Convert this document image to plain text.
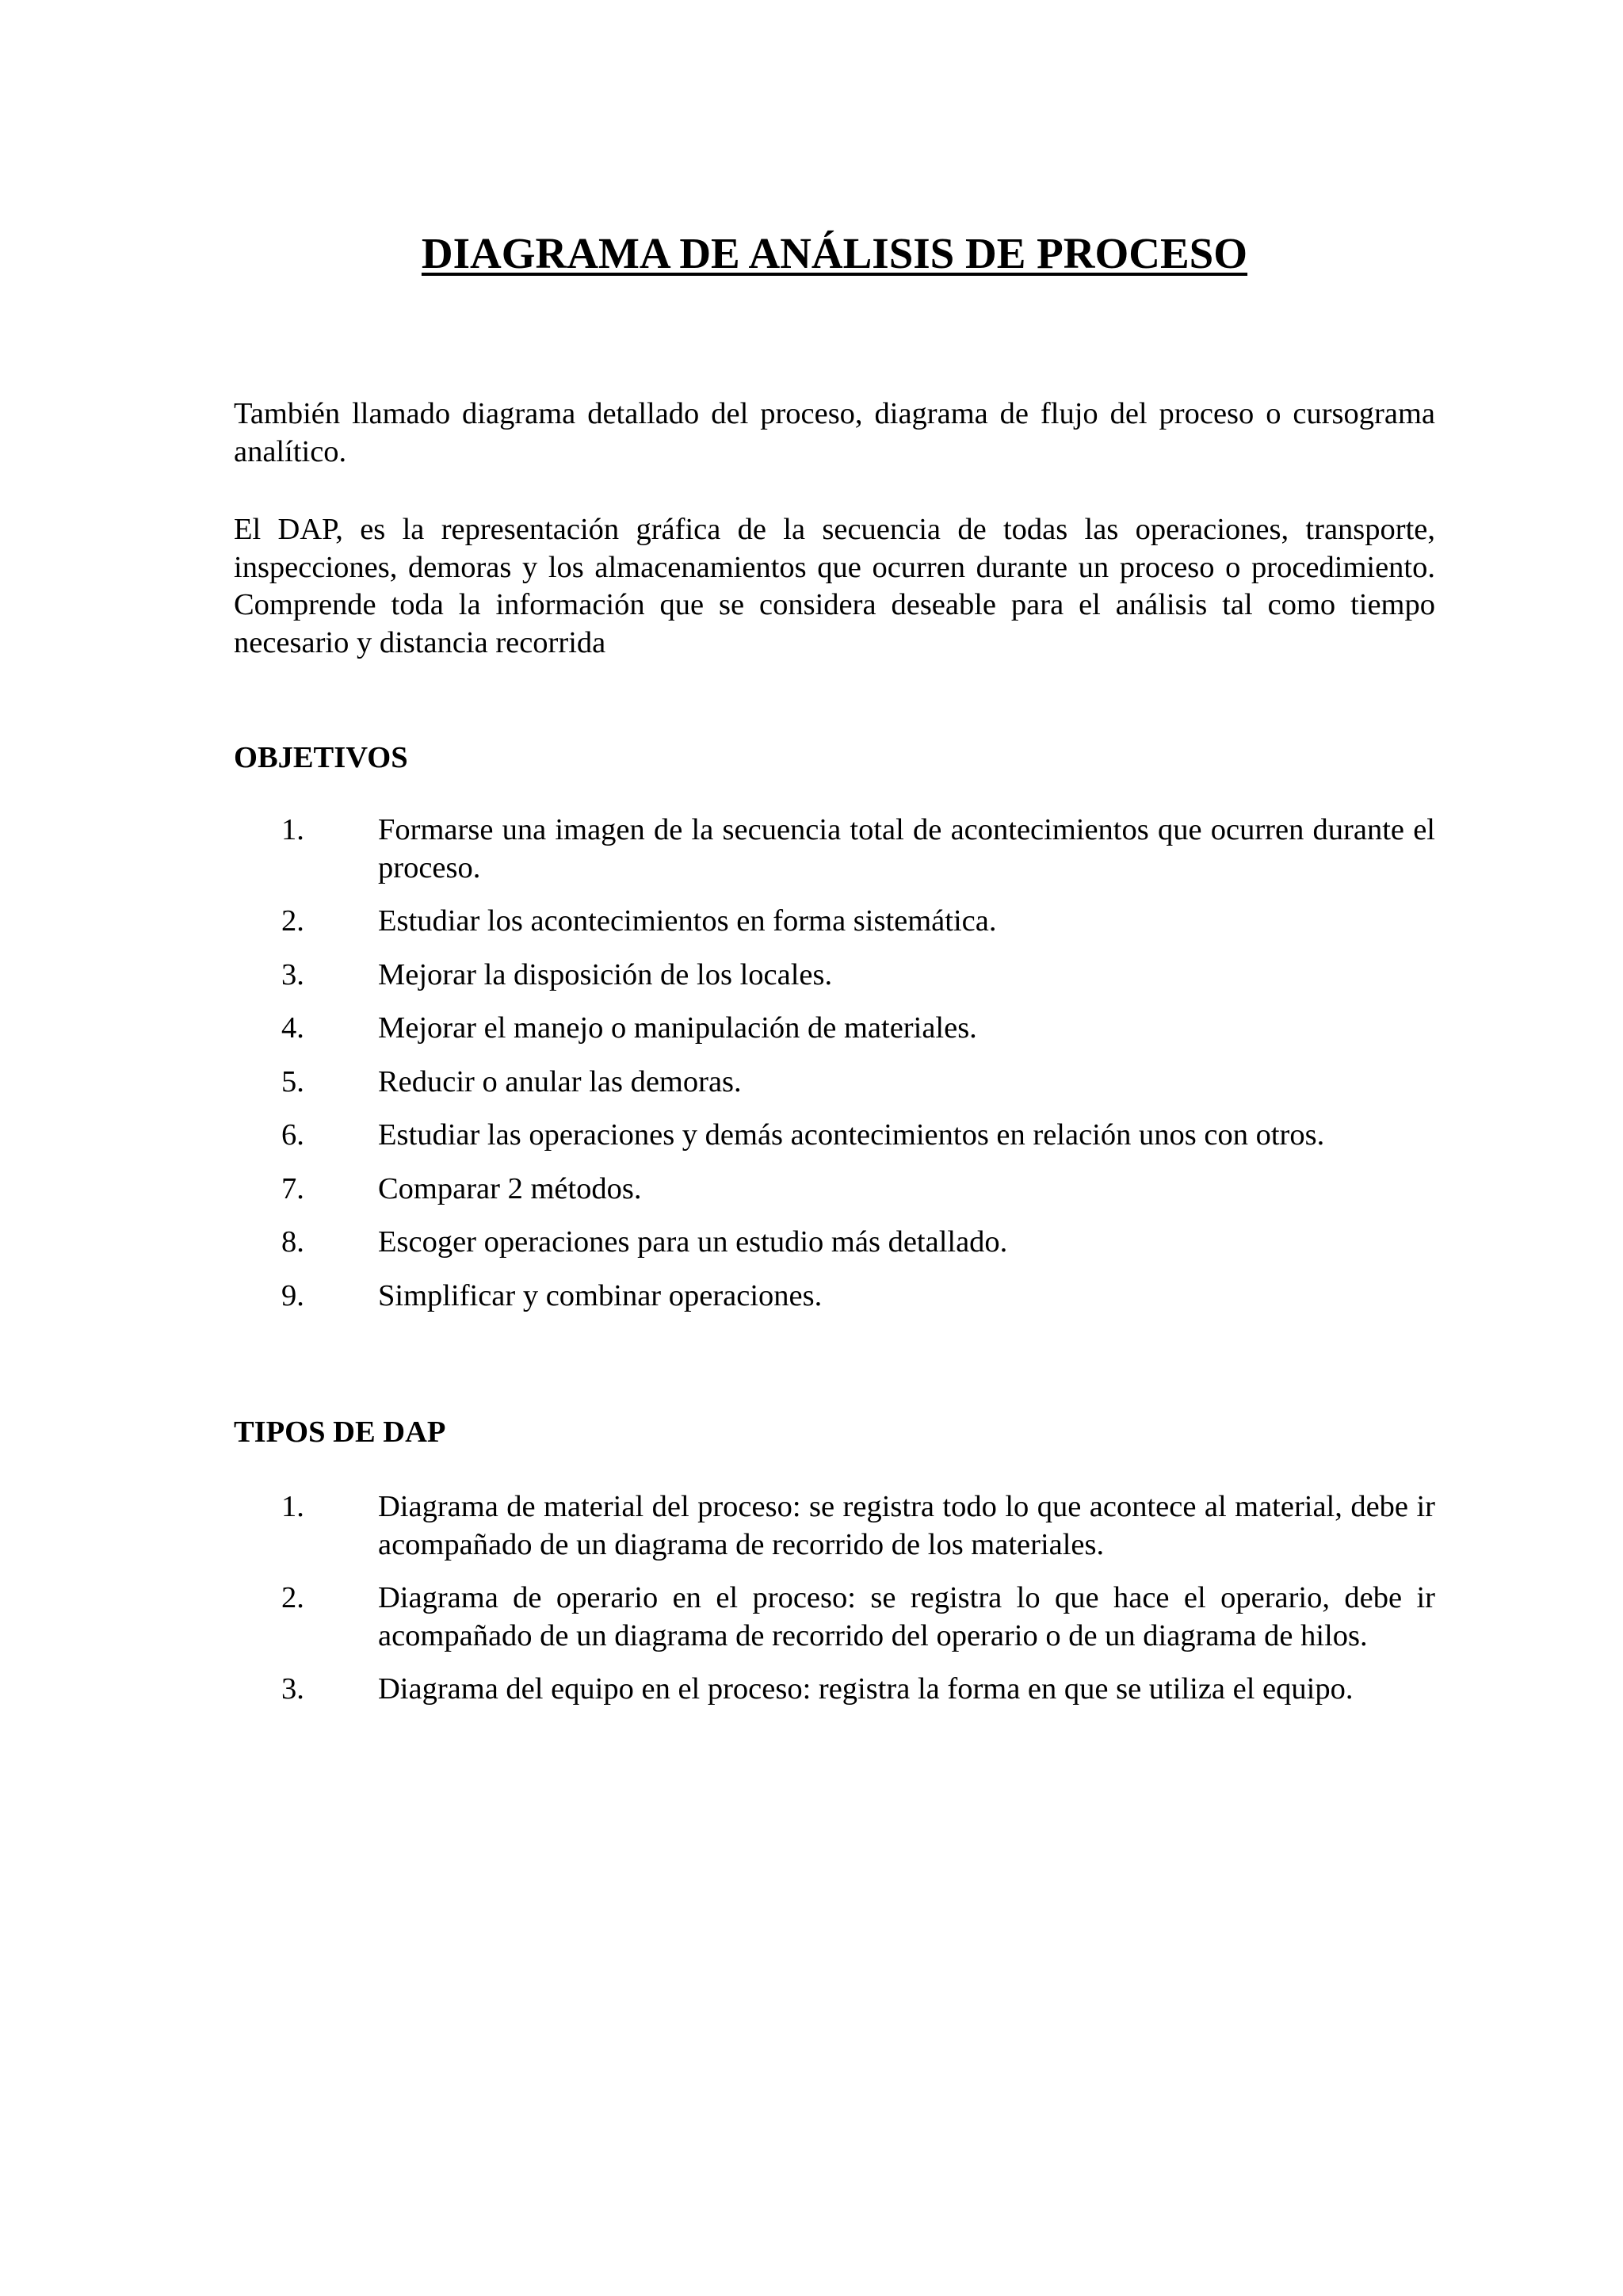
DIAGRAMA DE ANÁLISIS DE PROCESO

También llamado diagrama detallado del proceso, diagrama de flujo del proceso o cursograma analítico.

El DAP, es la representación gráfica de la secuencia de todas las operaciones, transporte, inspecciones, demoras y los almacenamientos que ocurren durante un proceso o procedimiento. Comprende toda la información que se considera deseable para el análisis tal como tiempo necesario y distancia recorrida

OBJETIVOS
1. Formarse una imagen de la secuencia total de acontecimientos que ocurren durante el proceso.
2. Estudiar los acontecimientos en forma sistemática.
3. Mejorar la disposición de los locales.
4. Mejorar el manejo o manipulación de materiales.
5. Reducir o anular las demoras.
6. Estudiar las operaciones y demás acontecimientos en relación unos con otros.
7. Comparar 2 métodos.
8. Escoger operaciones para un estudio más detallado.
9. Simplificar y combinar operaciones.
TIPOS DE DAP
1. Diagrama de material del proceso: se registra todo lo que acontece al material, debe ir acompañado de un diagrama de recorrido de los materiales.
2. Diagrama de operario en el proceso: se registra lo que hace el operario, debe ir acompañado de un diagrama de recorrido del operario o de un diagrama de hilos.
3. Diagrama del equipo en el proceso: registra la forma en que se utiliza el equipo.
